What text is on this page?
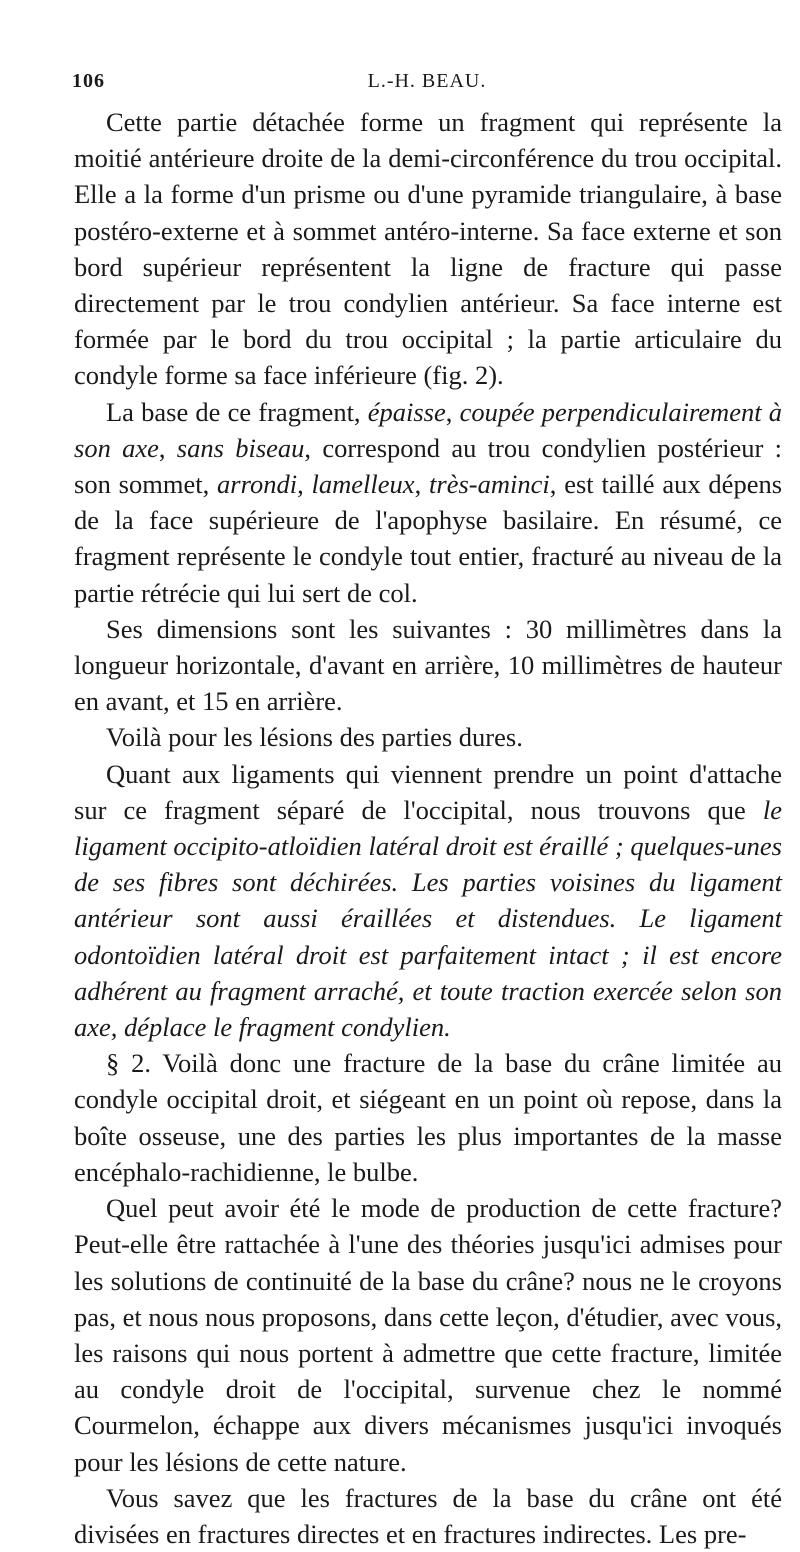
106	L.-H. BEAU.

Cette partie détachée forme un fragment qui représente la moitié antérieure droite de la demi-circonférence du trou occipital. Elle a la forme d'un prisme ou d'une pyramide triangulaire, à base postéro-externe et à sommet antéro-interne. Sa face externe et son bord supérieur représentent la ligne de fracture qui passe directement par le trou condylien antérieur. Sa face interne est formée par le bord du trou occipital ; la partie articulaire du condyle forme sa face inférieure (fig. 2).

La base de ce fragment, épaisse, coupée perpendiculairement à son axe, sans biseau, correspond au trou condylien postérieur : son sommet, arrondi, lamelleux, très-aminci, est taillé aux dépens de la face supérieure de l'apophyse basilaire. En résumé, ce fragment représente le condyle tout entier, fracturé au niveau de la partie rétrécie qui lui sert de col.

Ses dimensions sont les suivantes : 30 millimètres dans la longueur horizontale, d'avant en arrière, 10 millimètres de hauteur en avant, et 15 en arrière.

Voilà pour les lésions des parties dures.

Quant aux ligaments qui viennent prendre un point d'attache sur ce fragment séparé de l'occipital, nous trouvons que le ligament occipito-atloïdien latéral droit est éraillé ; quelques-unes de ses fibres sont déchirées. Les parties voisines du ligament antérieur sont aussi éraillées et distendues. Le ligament odontoïdien latéral droit est parfaitement intact ; il est encore adhérent au fragment arraché, et toute traction exercée selon son axe, déplace le fragment condylien.

§ 2. Voilà donc une fracture de la base du crâne limitée au condyle occipital droit, et siégeant en un point où repose, dans la boîte osseuse, une des parties les plus importantes de la masse encéphalo-rachidienne, le bulbe.

Quel peut avoir été le mode de production de cette fracture? Peut-elle être rattachée à l'une des théories jusqu'ici admises pour les solutions de continuité de la base du crâne? nous ne le croyons pas, et nous nous proposons, dans cette leçon, d'étudier, avec vous, les raisons qui nous portent à admettre que cette fracture, limitée au condyle droit de l'occipital, survenue chez le nommé Courmelon, échappe aux divers mécanismes jusqu'ici invoqués pour les lésions de cette nature.

Vous savez que les fractures de la base du crâne ont été divisées en fractures directes et en fractures indirectes. Les pre-
